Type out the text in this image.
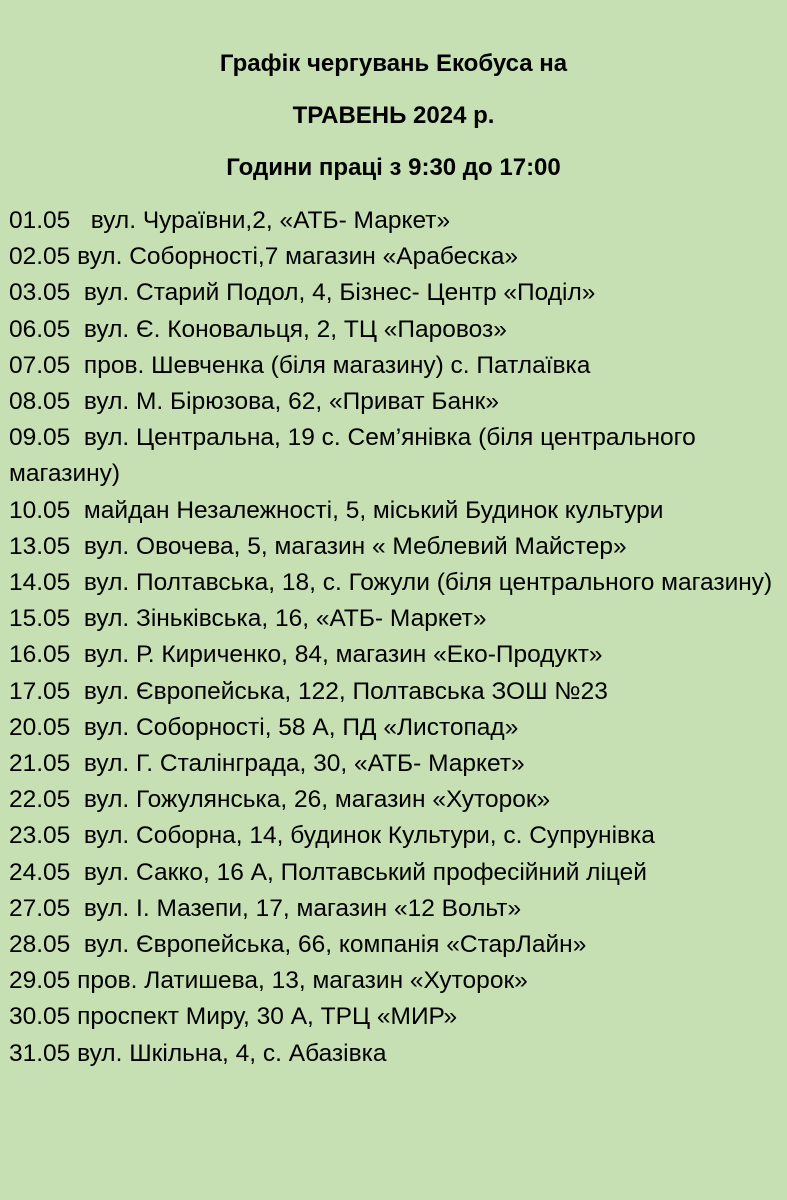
Графік чергувань Екобуса на
ТРАВЕНЬ 2024 р.
Години праці з 9:30 до 17:00
01.05   вул. Чураївни,2, «АТБ- Маркет»
02.05 вул. Соборності,7 магазин «Арабеска»
03.05  вул. Старий Подол, 4, Бізнес- Центр «Поділ»
06.05  вул. Є. Коновальця, 2, ТЦ «Паровоз»
07.05  пров. Шевченка (біля магазину) с. Патлаївка
08.05  вул. М. Бірюзова, 62, «Приват Банк»
09.05  вул. Центральна, 19 с. Сем’янівка (біля центрального магазину)
10.05  майдан Незалежності, 5, міський Будинок культури
13.05  вул. Овочева, 5, магазин « Меблевий Майстер»
14.05  вул. Полтавська, 18, с. Гожули (біля центрального магазину)
15.05  вул. Зіньківська, 16, «АТБ- Маркет»
16.05  вул. Р. Кириченко, 84, магазин «Еко-Продукт»
17.05  вул. Європейська, 122, Полтавська ЗОШ №23
20.05  вул. Соборності, 58 А, ПД «Листопад»
21.05  вул. Г. Сталінграда, 30, «АТБ- Маркет»
22.05  вул. Гожулянська, 26, магазин «Хуторок»
23.05  вул. Соборна, 14, будинок Культури, с. Супрунівка
24.05  вул. Сакко, 16 А, Полтавський професійний ліцей
27.05  вул. І. Мазепи, 17, магазин «12 Вольт»
28.05  вул. Європейська, 66, компанія «СтарЛайн»
29.05 пров. Латишева, 13, магазин «Хуторок»
30.05 проспект Миру, 30 А, ТРЦ «МИР»
31.05 вул. Шкільна, 4, с. Абазівка
